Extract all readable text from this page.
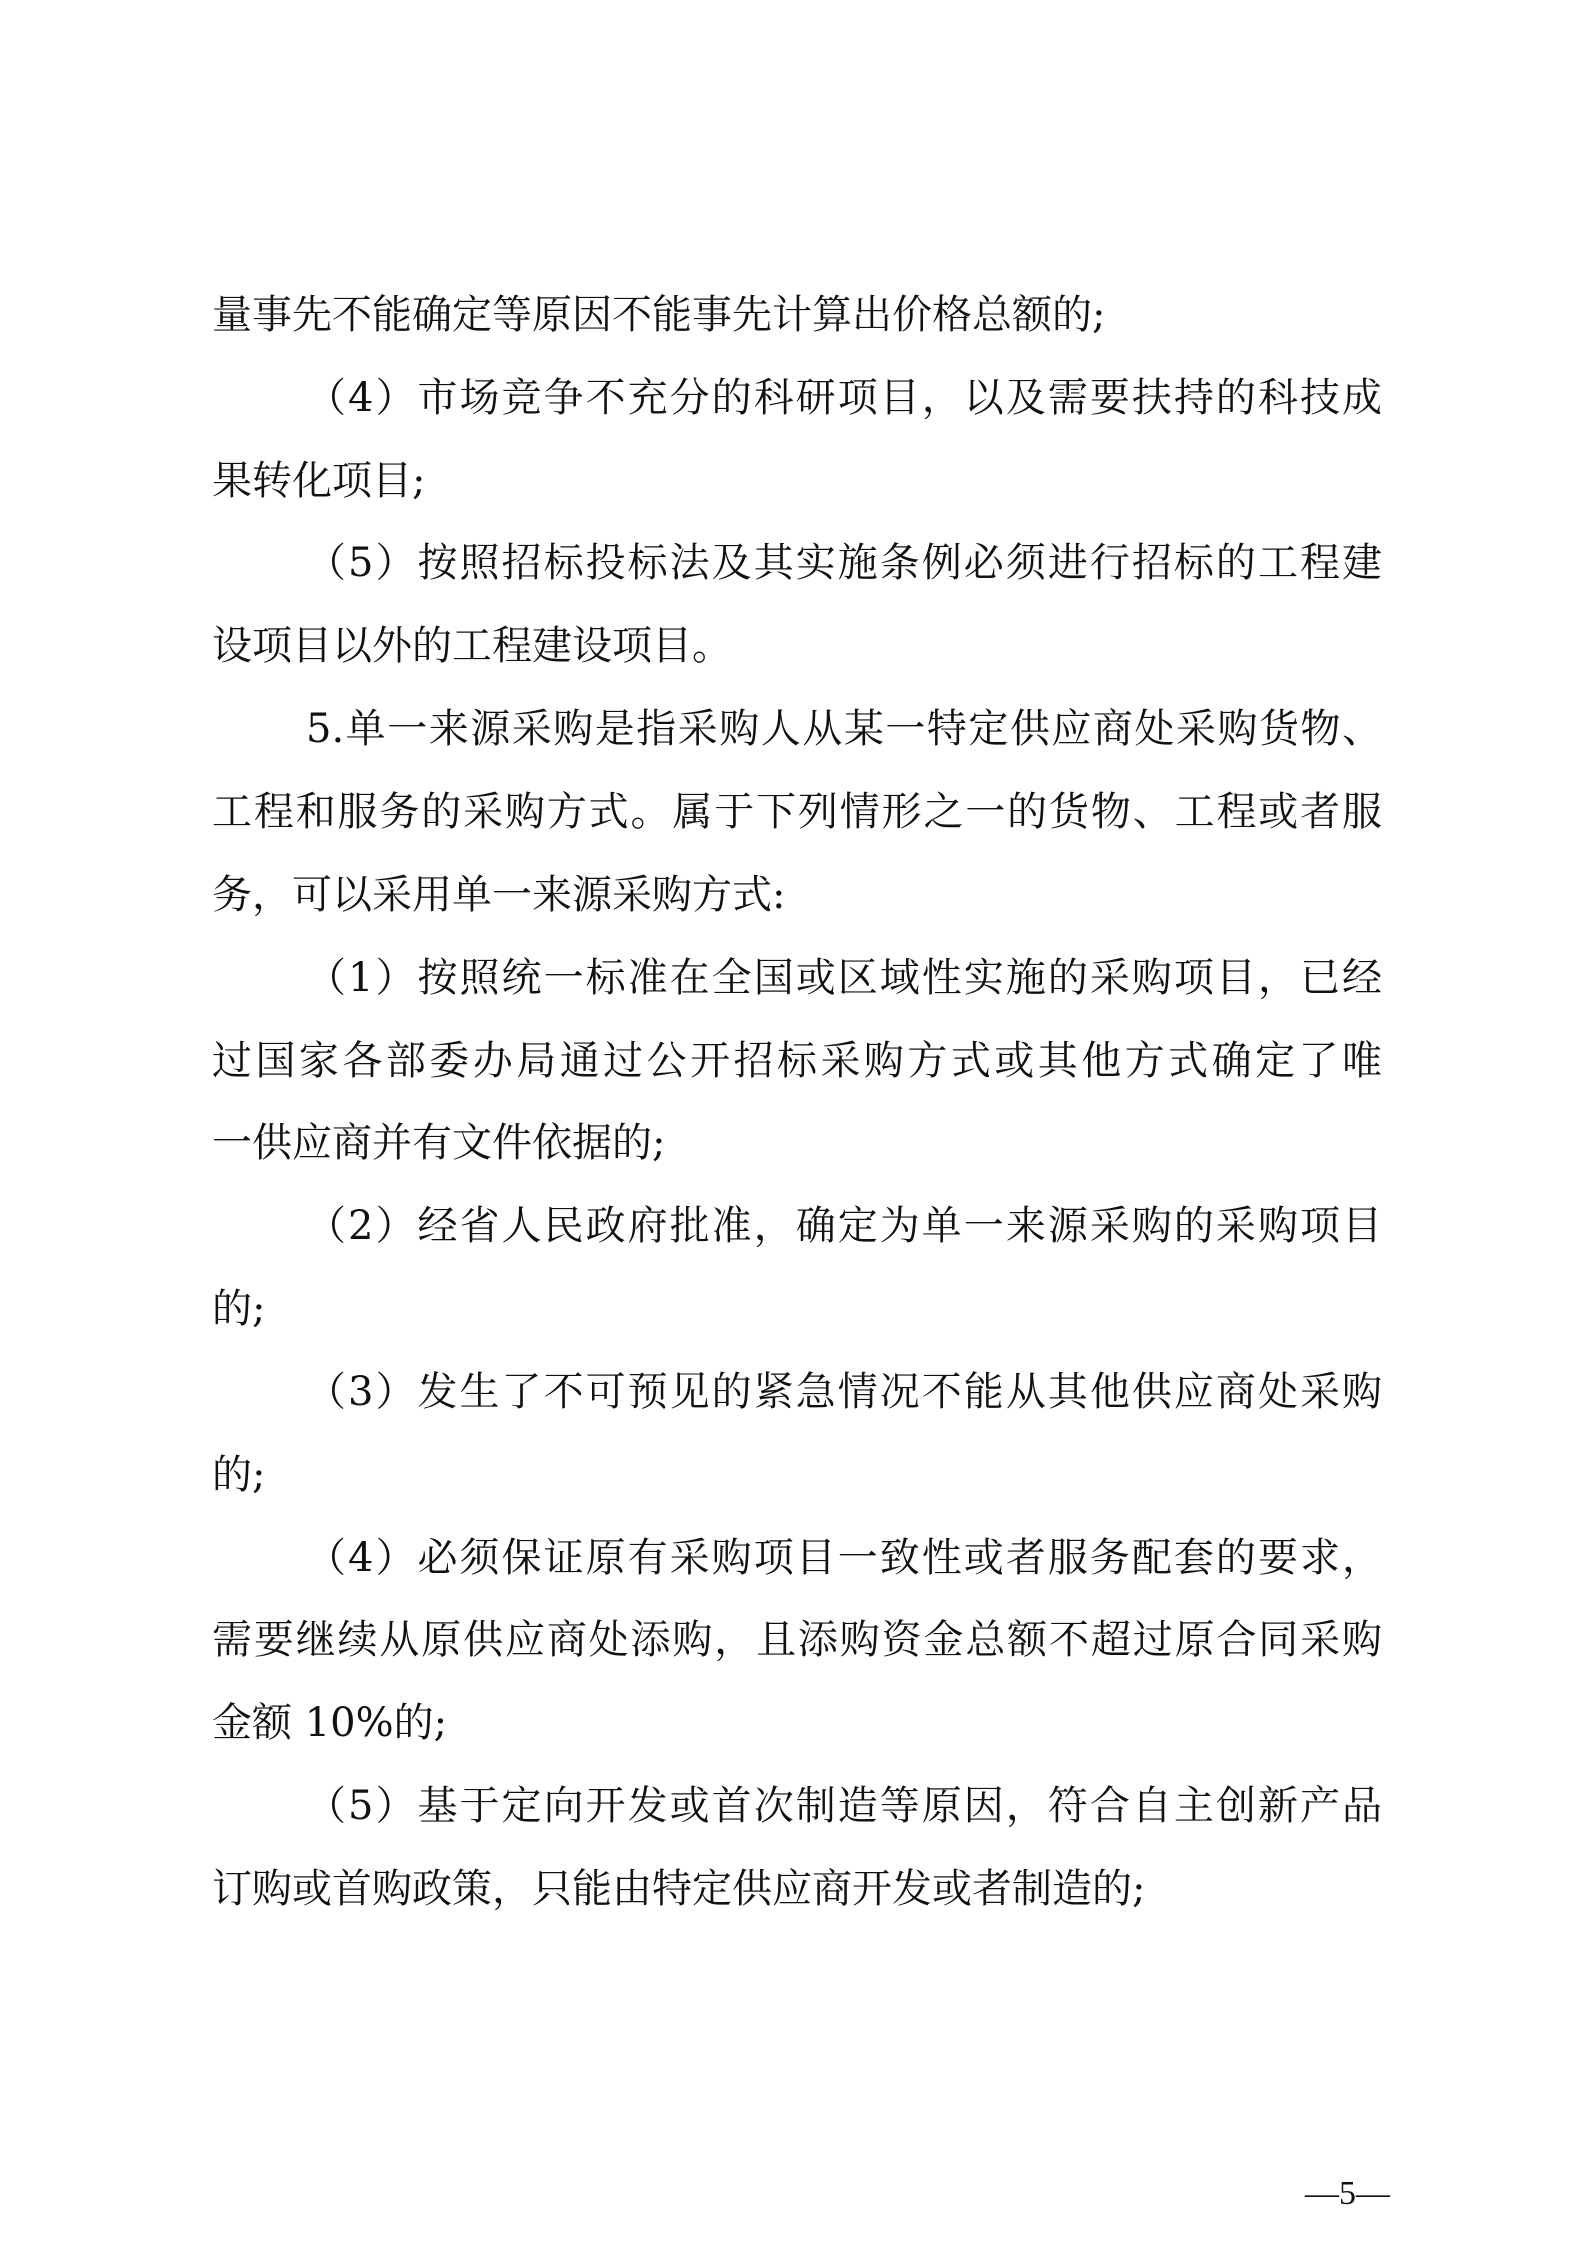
量事先不能确定等原因不能事先计算出价格总额的;
（4）市场竞争不充分的科研项目，以及需要扶持的科技成
果转化项目;
（5）按照招标投标法及其实施条例必须进行招标的工程建
设项目以外的工程建设项目。
5.单一来源采购是指采购人从某一特定供应商处采购货物、
工程和服务的采购方式。属于下列情形之一的货物、工程或者服
务，可以采用单一来源采购方式:
（1）按照统一标准在全国或区域性实施的采购项目，已经
过国家各部委办局通过公开招标采购方式或其他方式确定了唯
一供应商并有文件依据的;
（2）经省人民政府批准，确定为单一来源采购的采购项目
的;
（3）发生了不可预见的紧急情况不能从其他供应商处采购
的;
（4）必须保证原有采购项目一致性或者服务配套的要求，
需要继续从原供应商处添购，且添购资金总额不超过原合同采购
金额 10%的;
（5）基于定向开发或首次制造等原因，符合自主创新产品
订购或首购政策，只能由特定供应商开发或者制造的;
—5—
